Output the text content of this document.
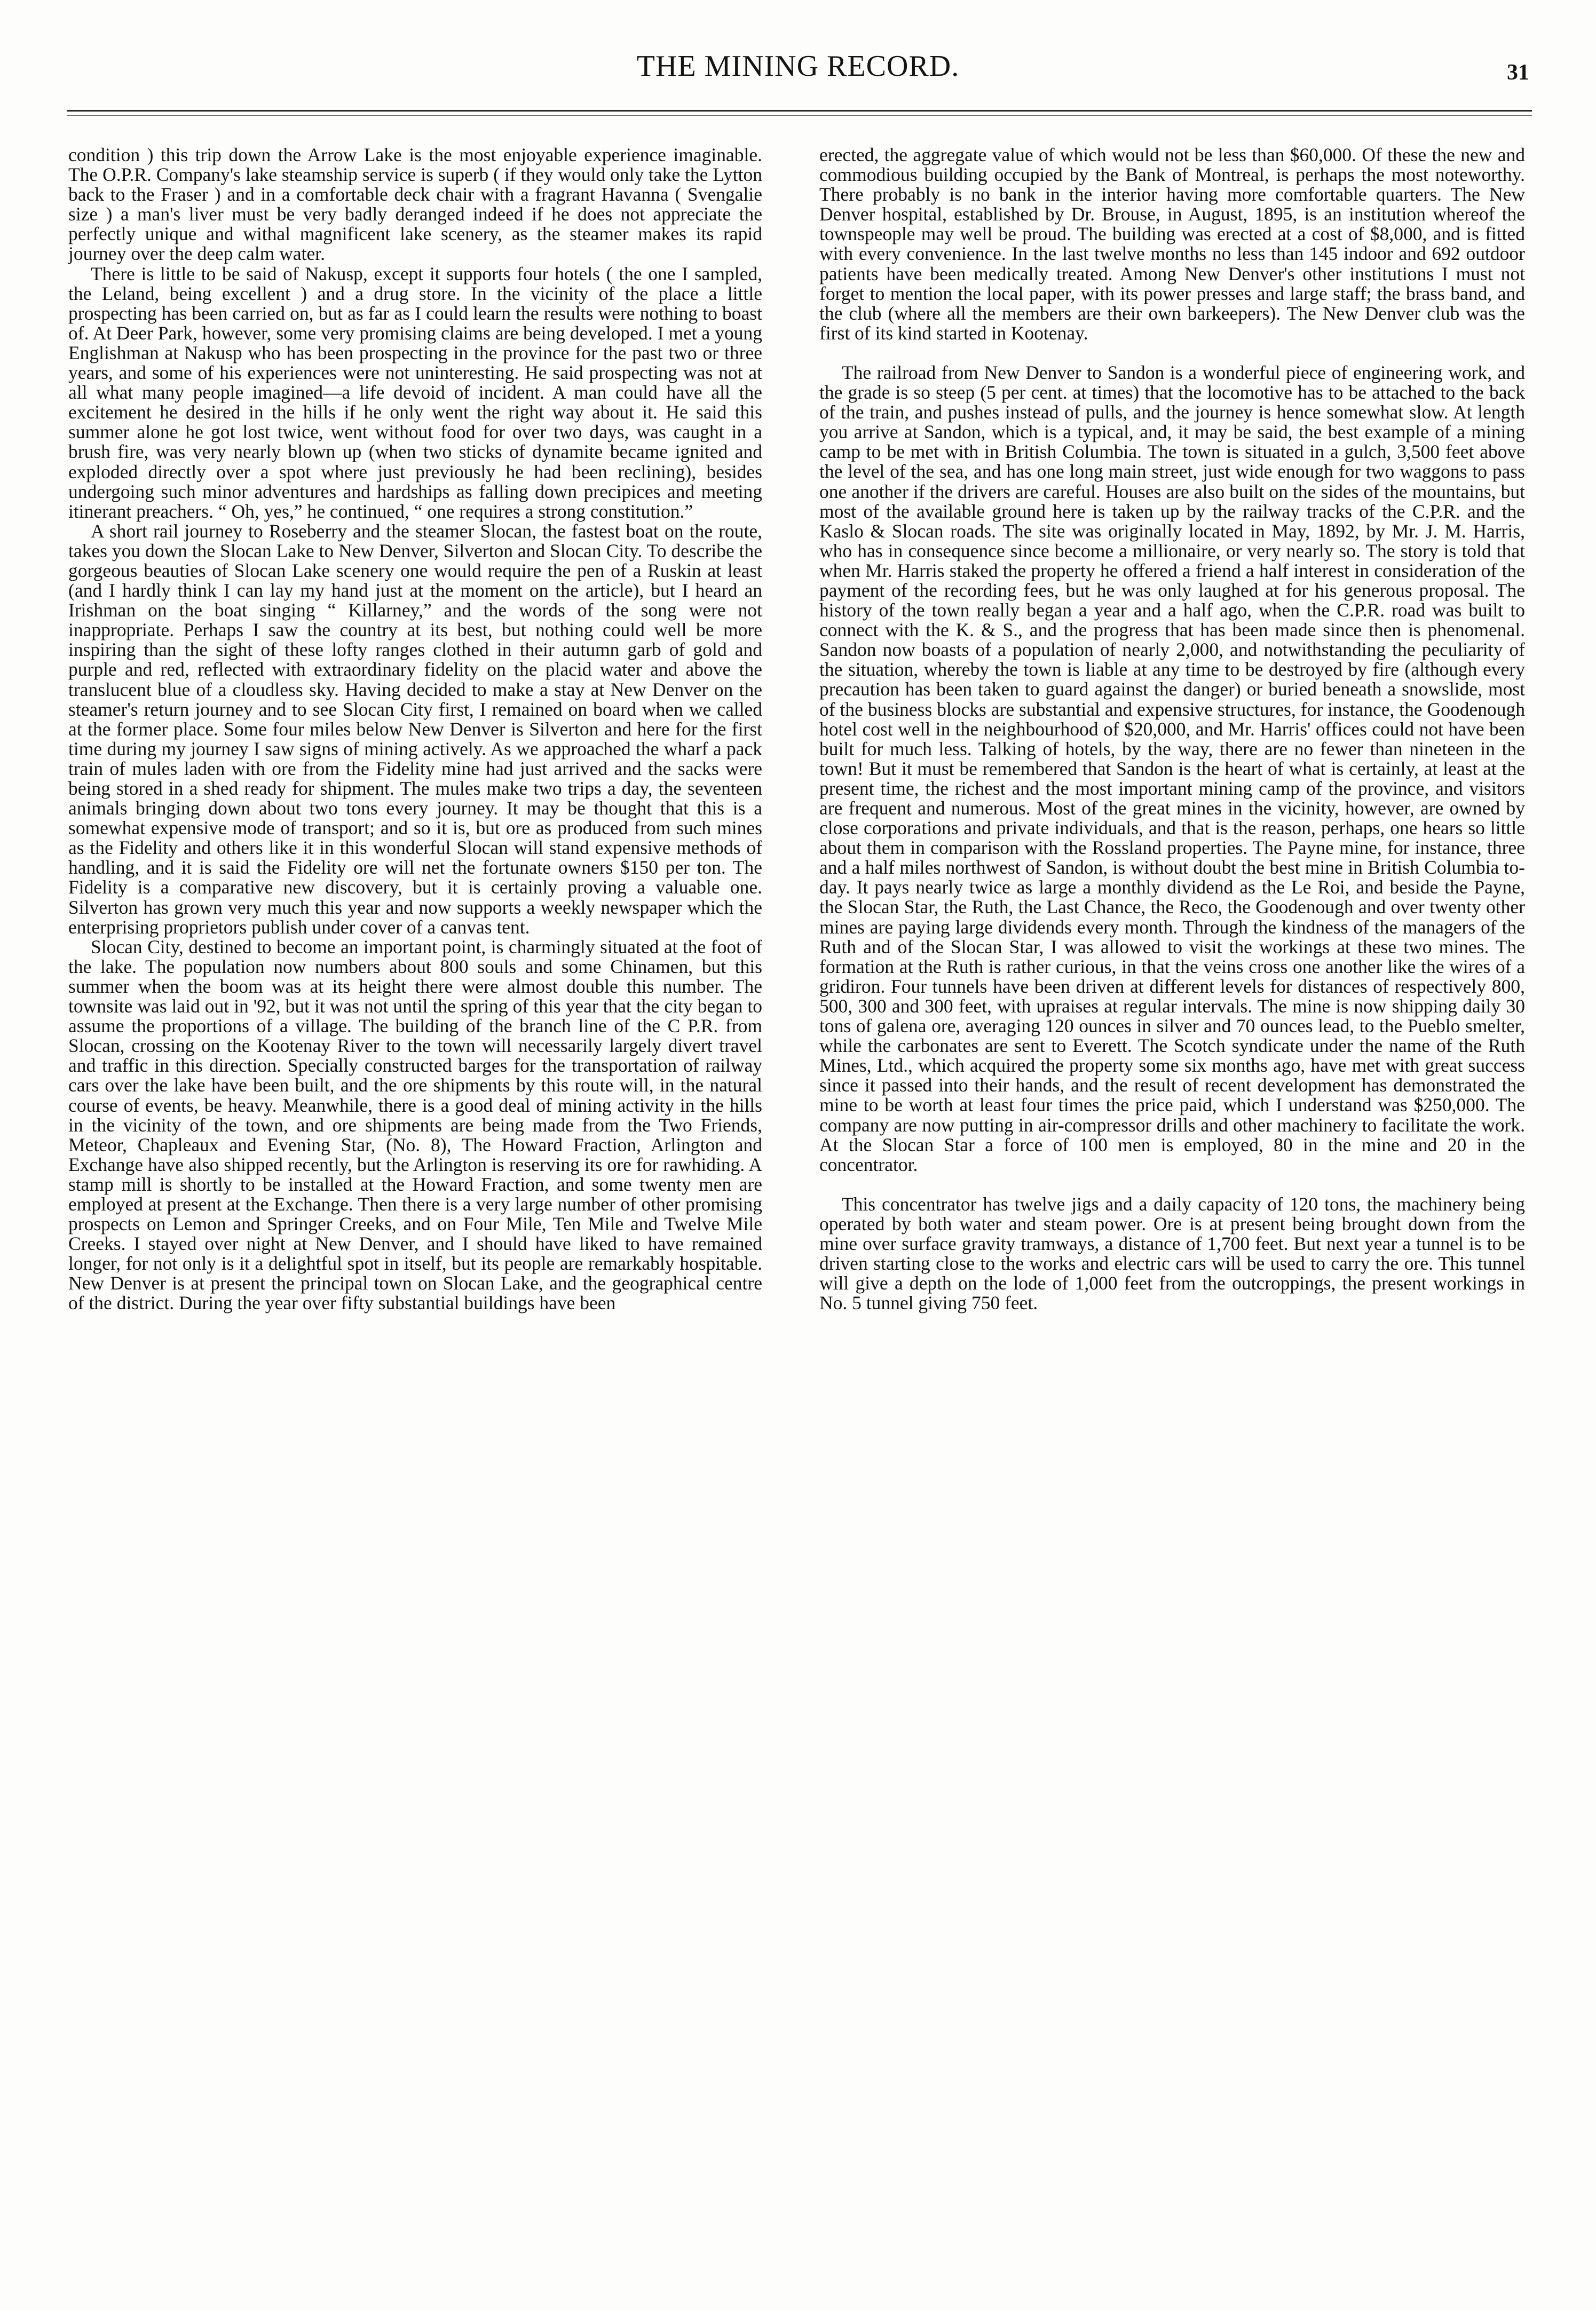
THE MINING RECORD.	31

condition ) this trip down the Arrow Lake is the most enjoyable experience imaginable. The O.P.R. Company's lake steamship service is superb ( if they would only take the Lytton back to the Fraser ) and in a comfortable deck chair with a fragrant Havanna ( Svengalie size ) a man's liver must be very badly deranged indeed if he does not appreciate the perfectly unique and withal magnificent lake scenery, as the steamer makes its rapid journey over the deep calm water.

There is little to be said of Nakusp, except it supports four hotels ( the one I sampled, the Leland, being excellent ) and a drug store. In the vicinity of the place a little prospecting has been carried on, but as far as I could learn the results were nothing to boast of. At Deer Park, however, some very promising claims are being developed. I met a young Englishman at Nakusp who has been prospecting in the province for the past two or three years, and some of his experiences were not uninteresting. He said prospecting was not at all what many people imagined—a life devoid of incident. A man could have all the excitement he desired in the hills if he only went the right way about it. He said this summer alone he got lost twice, went without food for over two days, was caught in a brush fire, was very nearly blown up (when two sticks of dynamite became ignited and exploded directly over a spot where just previously he had been reclining), besides undergoing such minor adventures and hardships as falling down precipices and meeting itinerant preachers. “ Oh, yes,” he continued, “ one requires a strong constitution.”

A short rail journey to Roseberry and the steamer Slocan, the fastest boat on the route, takes you down the Slocan Lake to New Denver, Silverton and Slocan City. To describe the gorgeous beauties of Slocan Lake scenery one would require the pen of a Ruskin at least (and I hardly think I can lay my hand just at the moment on the article), but I heard an Irishman on the boat singing “ Killarney,” and the words of the song were not inappropriate. Perhaps I saw the country at its best, but nothing could well be more inspiring than the sight of these lofty ranges clothed in their autumn garb of gold and purple and red, reflected with extraordinary fidelity on the placid water and above the translucent blue of a cloudless sky. Having decided to make a stay at New Denver on the steamer's return journey and to see Slocan City first, I remained on board when we called at the former place. Some four miles below New Denver is Silverton and here for the first time during my journey I saw signs of mining actively. As we approached the wharf a pack train of mules laden with ore from the Fidelity mine had just arrived and the sacks were being stored in a shed ready for shipment. The mules make two trips a day, the seventeen animals bringing down about two tons every journey. It may be thought that this is a somewhat expensive mode of transport; and so it is, but ore as produced from such mines as the Fidelity and others like it in this wonderful Slocan will stand expensive methods of handling, and it is said the Fidelity ore will net the fortunate owners $150 per ton. The Fidelity is a comparative new discovery, but it is certainly proving a valuable one. Silverton has grown very much this year and now supports a weekly newspaper which the enterprising proprietors publish under cover of a canvas tent.

Slocan City, destined to become an important point, is charmingly situated at the foot of the lake. The population now numbers about 800 souls and some Chinamen, but this summer when the boom was at its height there were almost double this number. The townsite was laid out in '92, but it was not until the spring of this year that the city began to assume the proportions of a village. The building of the branch line of the C P.R. from Slocan, crossing on the Kootenay River to the town will necessarily largely divert travel and traffic in this direction. Specially constructed barges for the transportation of railway cars over the lake have been built, and the ore shipments by this route will, in the natural course of events, be heavy. Meanwhile, there is a good deal of mining activity in the hills in the vicinity of the town, and ore shipments are being made from the Two Friends, Meteor, Chapleaux and Evening Star, (No. 8), The Howard Fraction, Arlington and Exchange have also shipped recently, but the Arlington is reserving its ore for rawhiding. A stamp mill is shortly to be installed at the Howard Fraction, and some twenty men are employed at present at the Exchange. Then there is a very large number of other promising prospects on Lemon and Springer Creeks, and on Four Mile, Ten Mile and Twelve Mile Creeks. I stayed over night at New Denver, and I should have liked to have remained longer, for not only is it a delightful spot in itself, but its people are remarkably hospitable. New Denver is at present the principal town on Slocan Lake, and the geographical centre of the district. During the year over fifty substantial buildings have been

erected, the aggregate value of which would not be less than $60,000. Of these the new and commodious building occupied by the Bank of Montreal, is perhaps the most noteworthy. There probably is no bank in the interior having more comfortable quarters. The New Denver hospital, established by Dr. Brouse, in August, 1895, is an institution whereof the townspeople may well be proud. The building was erected at a cost of $8,000, and is fitted with every convenience. In the last twelve months no less than 145 indoor and 692 outdoor patients have been medically treated. Among New Denver's other institutions I must not forget to mention the local paper, with its power presses and large staff; the brass band, and the club (where all the members are their own barkeepers). The New Denver club was the first of its kind started in Kootenay.

The railroad from New Denver to Sandon is a wonderful piece of engineering work, and the grade is so steep (5 per cent. at times) that the locomotive has to be attached to the back of the train, and pushes instead of pulls, and the journey is hence somewhat slow. At length you arrive at Sandon, which is a typical, and, it may be said, the best example of a mining camp to be met with in British Columbia. The town is situated in a gulch, 3,500 feet above the level of the sea, and has one long main street, just wide enough for two waggons to pass one another if the drivers are careful. Houses are also built on the sides of the mountains, but most of the available ground here is taken up by the railway tracks of the C.P.R. and the Kaslo & Slocan roads. The site was originally located in May, 1892, by Mr. J. M. Harris, who has in consequence since become a millionaire, or very nearly so. The story is told that when Mr. Harris staked the property he offered a friend a half interest in consideration of the payment of the recording fees, but he was only laughed at for his generous proposal. The history of the town really began a year and a half ago, when the C.P.R. road was built to connect with the K. & S., and the progress that has been made since then is phenomenal. Sandon now boasts of a population of nearly 2,000, and notwithstanding the peculiarity of the situation, whereby the town is liable at any time to be destroyed by fire (although every precaution has been taken to guard against the danger) or buried beneath a snowslide, most of the business blocks are substantial and expensive structures, for instance, the Goodenough hotel cost well in the neighbourhood of $20,000, and Mr. Harris' offices could not have been built for much less. Talking of hotels, by the way, there are no fewer than nineteen in the town! But it must be remembered that Sandon is the heart of what is certainly, at least at the present time, the richest and the most important mining camp of the province, and visitors are frequent and numerous. Most of the great mines in the vicinity, however, are owned by close corporations and private individuals, and that is the reason, perhaps, one hears so little about them in comparison with the Rossland properties. The Payne mine, for instance, three and a half miles northwest of Sandon, is without doubt the best mine in British Columbia to-day. It pays nearly twice as large a monthly dividend as the Le Roi, and beside the Payne, the Slocan Star, the Ruth, the Last Chance, the Reco, the Goodenough and over twenty other mines are paying large dividends every month. Through the kindness of the managers of the Ruth and of the Slocan Star, I was allowed to visit the workings at these two mines. The formation at the Ruth is rather curious, in that the veins cross one another like the wires of a gridiron. Four tunnels have been driven at different levels for distances of respectively 800, 500, 300 and 300 feet, with upraises at regular intervals. The mine is now shipping daily 30 tons of galena ore, averaging 120 ounces in silver and 70 ounces lead, to the Pueblo smelter, while the carbonates are sent to Everett. The Scotch syndicate under the name of the Ruth Mines, Ltd., which acquired the property some six months ago, have met with great success since it passed into their hands, and the result of recent development has demonstrated the mine to be worth at least four times the price paid, which I understand was $250,000. The company are now putting in air-compressor drills and other machinery to facilitate the work. At the Slocan Star a force of 100 men is employed, 80 in the mine and 20 in the concentrator.

This concentrator has twelve jigs and a daily capacity of 120 tons, the machinery being operated by both water and steam power. Ore is at present being brought down from the mine over surface gravity tramways, a distance of 1,700 feet. But next year a tunnel is to be driven starting close to the works and electric cars will be used to carry the ore. This tunnel will give a depth on the lode of 1,000 feet from the outcroppings, the present workings in No. 5 tunnel giving 750 feet.
